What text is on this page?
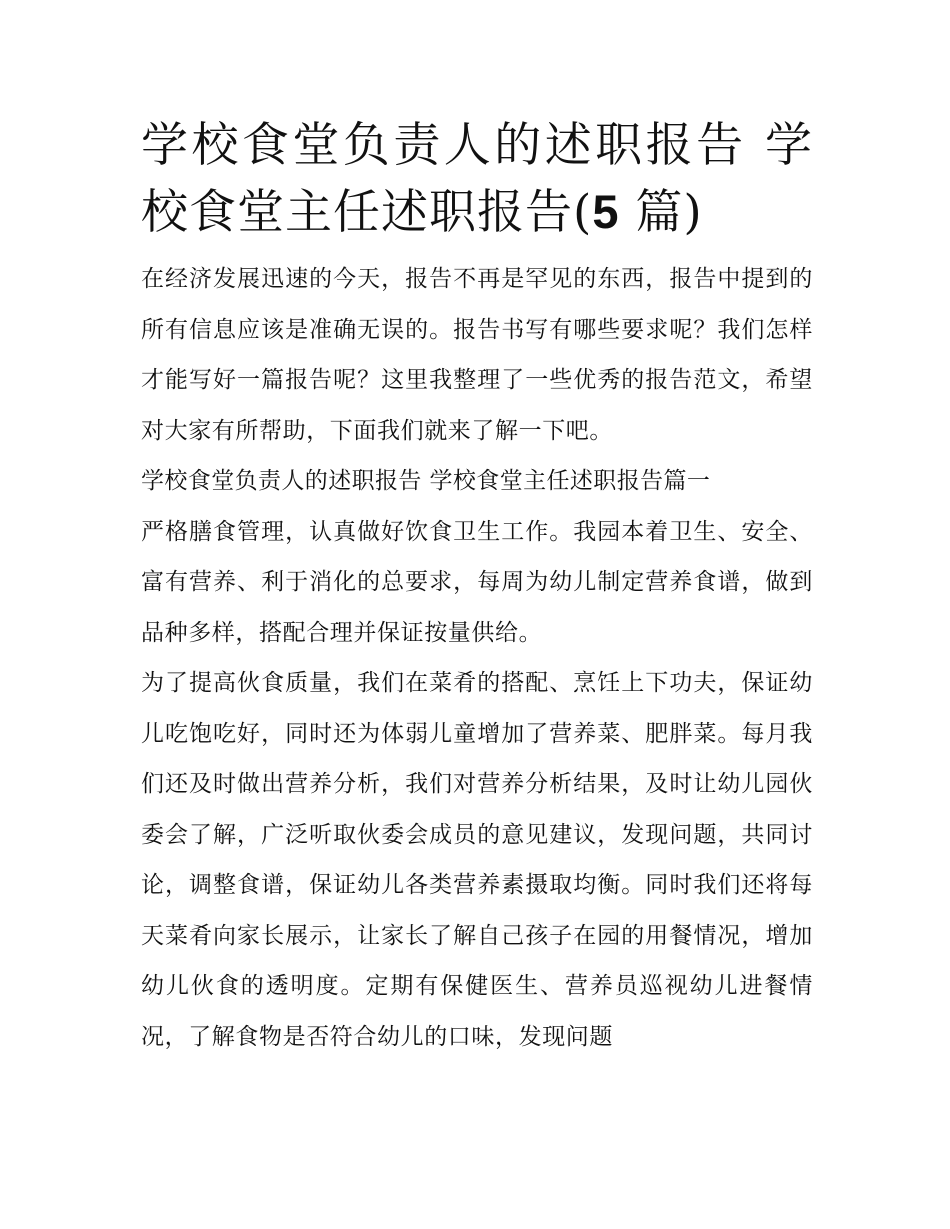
学校食堂负责人的述职报告 学校食堂主任述职报告(5 篇)

在经济发展迅速的今天，报告不再是罕见的东西，报告中提到的所有信息应该是准确无误的。报告书写有哪些要求呢？我们怎样才能写好一篇报告呢？这里我整理了一些优秀的报告范文，希望对大家有所帮助，下面我们就来了解一下吧。

学校食堂负责人的述职报告 学校食堂主任述职报告篇一

严格膳食管理，认真做好饮食卫生工作。我园本着卫生、安全、富有营养、利于消化的总要求，每周为幼儿制定营养食谱，做到品种多样，搭配合理并保证按量供给。

为了提高伙食质量，我们在菜肴的搭配、烹饪上下功夫，保证幼儿吃饱吃好，同时还为体弱儿童增加了营养菜、肥胖菜。每月我们还及时做出营养分析，我们对营养分析结果，及时让幼儿园伙委会了解，广泛听取伙委会成员的意见建议，发现问题，共同讨论，调整食谱，保证幼儿各类营养素摄取均衡。同时我们还将每天菜肴向家长展示，让家长了解自己孩子在园的用餐情况，增加幼儿伙食的透明度。定期有保健医生、营养员巡视幼儿进餐情况，了解食物是否符合幼儿的口味，发现问题
